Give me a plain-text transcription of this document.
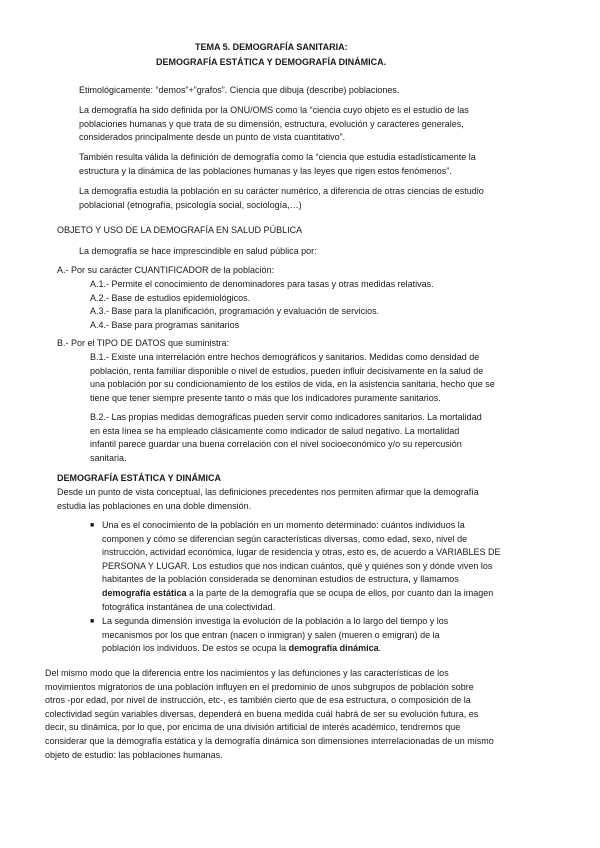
TEMA 5. DEMOGRAFÍA SANITARIA:
DEMOGRAFÍA ESTÁTICA Y DEMOGRAFÍA DINÁMICA.

Etimológicamente: “demos”+”grafos”. Ciencia que dibuja (describe) poblaciones.

La demografía ha sido definida por la ONU/OMS como la “ciencia cuyo objeto es el estudio de las

poblaciones humanas y que trata de su dimensión, estructura, evolución y caracteres generales,

considerados principalmente desde un punto de vista cuantitativo”.

También resulta válida la definición de demografía como la “ciencia que estudia estadísticamente la

estructura y la dinámica de las poblaciones humanas y las leyes que rigen estos fenómenos”.

La demografía estudia la población en su carácter numérico, a diferencia de otras ciencias de estudio

poblacional (etnografía, psicología social, sociología,…)

OBJETO Y USO DE LA DEMOGRAFÍA EN SALUD PÚBLICA
La demografía se hace imprescindible en salud pública por:
A.- Por su carácter CUANTIFICADOR de la población:

A.1.- Permite el conocimiento de denominadores para tasas y otras medidas relativas.

A.2.- Base de estudios epidemiológicos.

A.3.- Base para la planificación, programación y evaluación de servicios.

A.4.- Base para programas sanitarios

B.- Por el TIPO DE DATOS que suministra:

B.1.- Existe una interrelación entre hechos demográficos y sanitarios. Medidas como densidad de

población, renta familiar disponible o nivel de estudios, pueden influir decisivamente en la salud de

una población por su condicionamiento de los estilos de vida, en la asistencia sanitaria, hecho que se

tiene que tener siempre presente tanto o más que los indicadores puramente sanitarios.

B.2.- Las propias medidas demográficas pueden servir como indicadores sanitarios. La mortalidad

en esta línea se ha empleado clásicamente como indicador de salud negativo. La mortalidad

infantil parece guardar una buena correlación con el nivel socioeconómico y/o su repercusión

sanitaria.

DEMOGRAFÍA ESTÁTICA Y DINÁMICA

Desde un punto de vista conceptual, las definiciones precedentes nos permiten afirmar que la demografía

estudia las poblaciones en una doble dimensión.

■ Una es el conocimiento de la población en un momento determinado: cuántos individuos la

componen y cómo se diferencian según características diversas, como edad, sexo, nivel de

instrucción, actividad económica, lugar de residencia y otras, esto es, de acuerdo a VARIABLES DE

PERSONA Y LUGAR. Los estudios que nos indican cuántos, qué y quiénes son y dónde viven los

habitantes de la población considerada se denominan estudios de estructura, y llamamos

demografía estática a la parte de la demografía que se ocupa de ellos, por cuanto dan la imagen

fotográfica instantánea de una colectividad.

■ La segunda dimensión investiga la evolución de la población a lo largo del tiempo y los

mecanismos por los que entran (nacen o inmigran) y salen (mueren o emigran) de la

población los individuos. De estos se ocupa la demografía dinámica.

Del mismo modo que la diferencia entre los nacimientos y las defunciones y las características de los

movimientos migratorios de una población influyen en el predominio de unos subgrupos de población sobre

otros -por edad, por nivel de instrucción, etc-, es también cierto que de esa estructura, o composición de la

colectividad según variables diversas, dependerá en buena medida cuál habrá de ser su evolución futura, es

decir, su dinámica, por lo que, por encima de una división artificial de interés académico, tendremos que

considerar que la demografía estática y la demografía dinámica son dimensiones interrelacionadas de un mismo

objeto de estudio: las poblaciones humanas.
